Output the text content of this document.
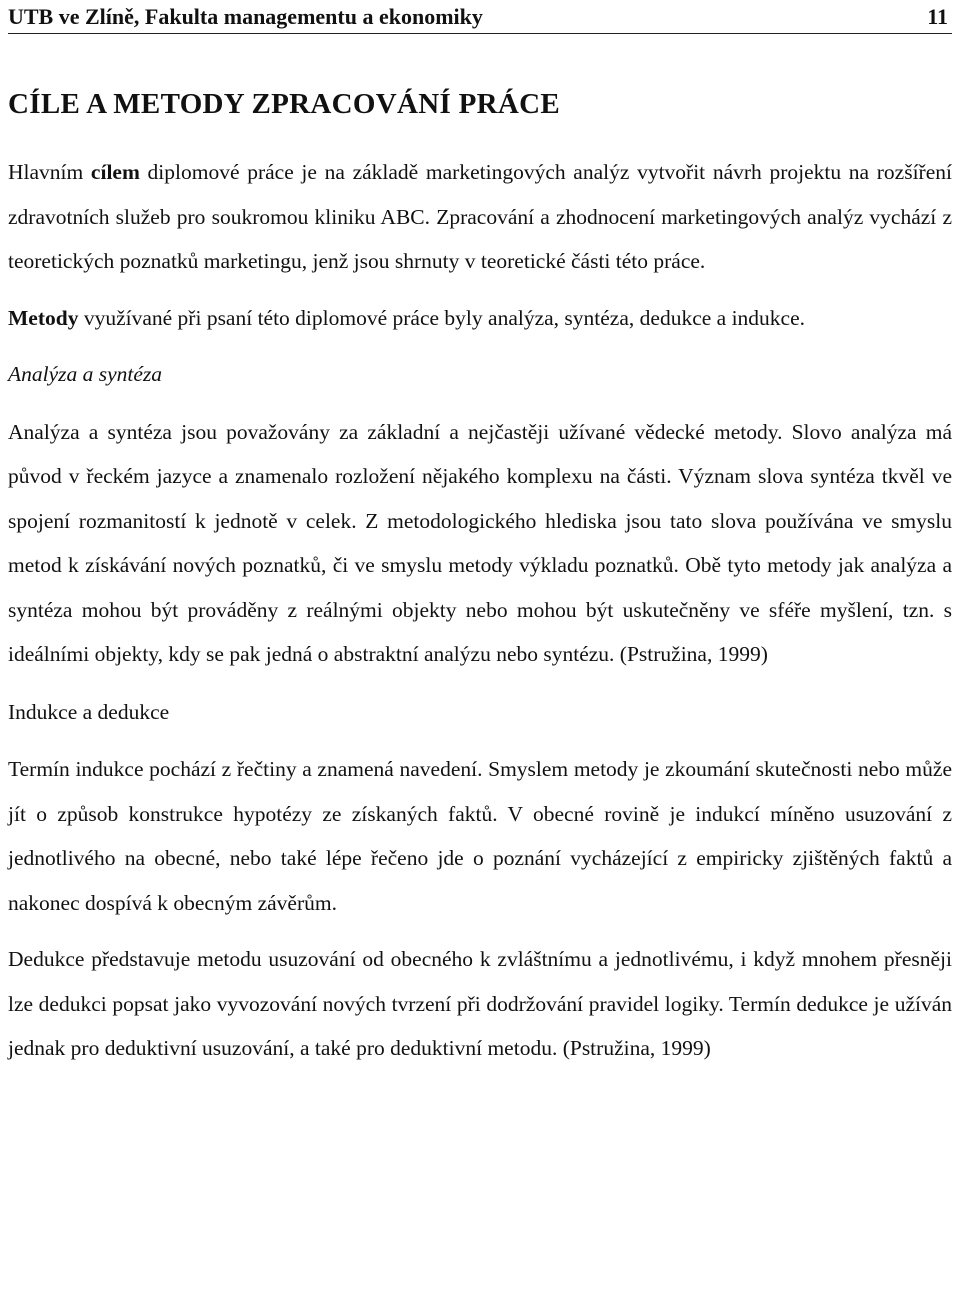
UTB ve Zlíně, Fakulta managementu a ekonomiky	11
CÍLE A METODY ZPRACOVÁNÍ PRÁCE

Hlavním cílem diplomové práce je na základě marketingových analýz vytvořit návrh projektu na rozšíření zdravotních služeb pro soukromou kliniku ABC. Zpracování a zhodnocení marketingových analýz vychází z teoretických poznatků marketingu, jenž jsou shrnuty v teoretické části této práce.

Metody využívané při psaní této diplomové práce byly analýza, syntéza, dedukce a indukce.

Analýza a syntéza

Analýza a syntéza jsou považovány za základní a nejčastěji užívané vědecké metody. Slovo analýza má původ v řeckém jazyce a znamenalo rozložení nějakého komplexu na části. Význam slova syntéza tkvěl ve spojení rozmanitostí k jednotě v celek. Z metodologického hlediska jsou tato slova používána ve smyslu metod k získávání nových poznatků, či ve smyslu metody výkladu poznatků. Obě tyto metody jak analýza a syntéza mohou být prováděny z reálnými objekty nebo mohou být uskutečněny ve sféře myšlení, tzn. s ideálními objekty, kdy se pak jedná o abstraktní analýzu nebo syntézu. (Pstružina, 1999)

Indukce a dedukce

Termín indukce pochází z řečtiny a znamená navedení. Smyslem metody je zkoumání skutečnosti nebo může jít o způsob konstrukce hypotézy ze získaných faktů. V obecné rovině je indukcí míněno usuzování z jednotlivého na obecné, nebo také lépe řečeno jde o poznání vycházející z empiricky zjištěných faktů a nakonec dospívá k obecným závěrům.

Dedukce představuje metodu usuzování od obecného k zvláštnímu a jednotlivému, i když mnohem přesněji lze dedukci popsat jako vyvozování nových tvrzení při dodržování pravidel logiky. Termín dedukce je užíván jednak pro deduktivní usuzování, a také pro deduktivní metodu. (Pstružina, 1999)
